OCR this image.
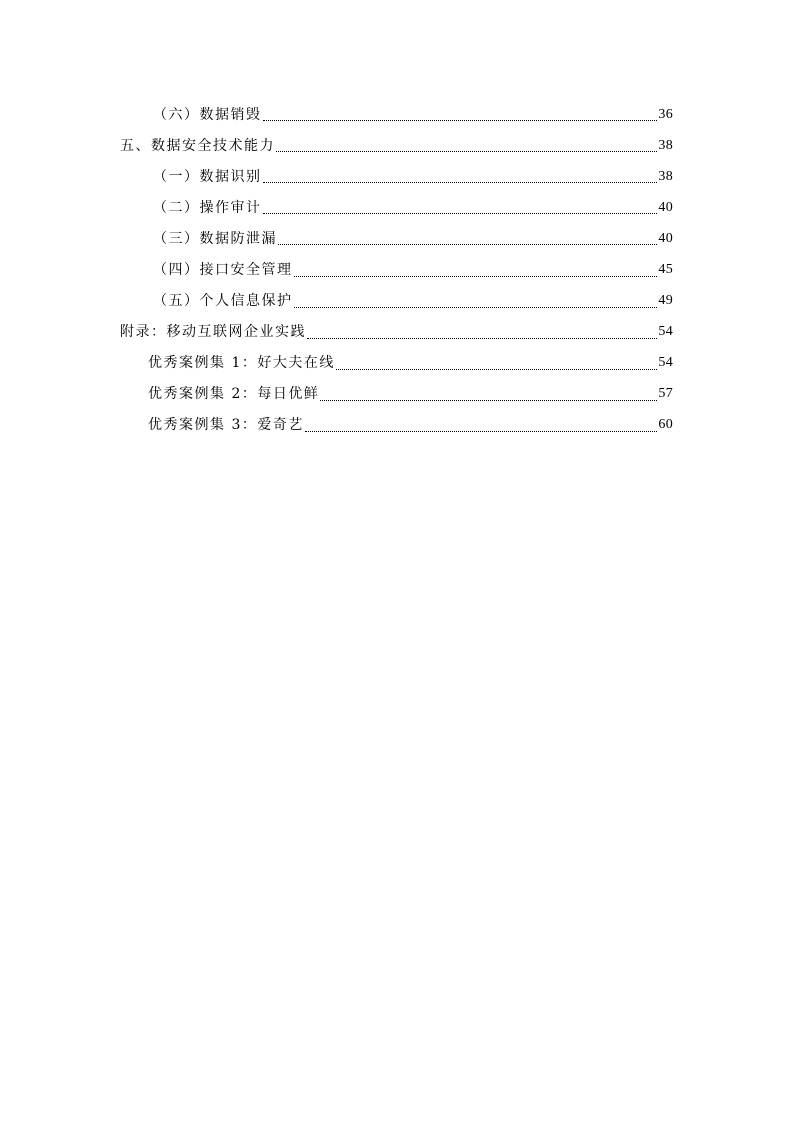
（六）数据销毁	36
五、数据安全技术能力	38
（一）数据识别	38
（二）操作审计	40
（三）数据防泄漏	40
（四）接口安全管理	45
（五）个人信息保护	49
附录：移动互联网企业实践	54
优秀案例集 1：好大夫在线	54
优秀案例集 2：每日优鲜	57
优秀案例集 3：爱奇艺	60
